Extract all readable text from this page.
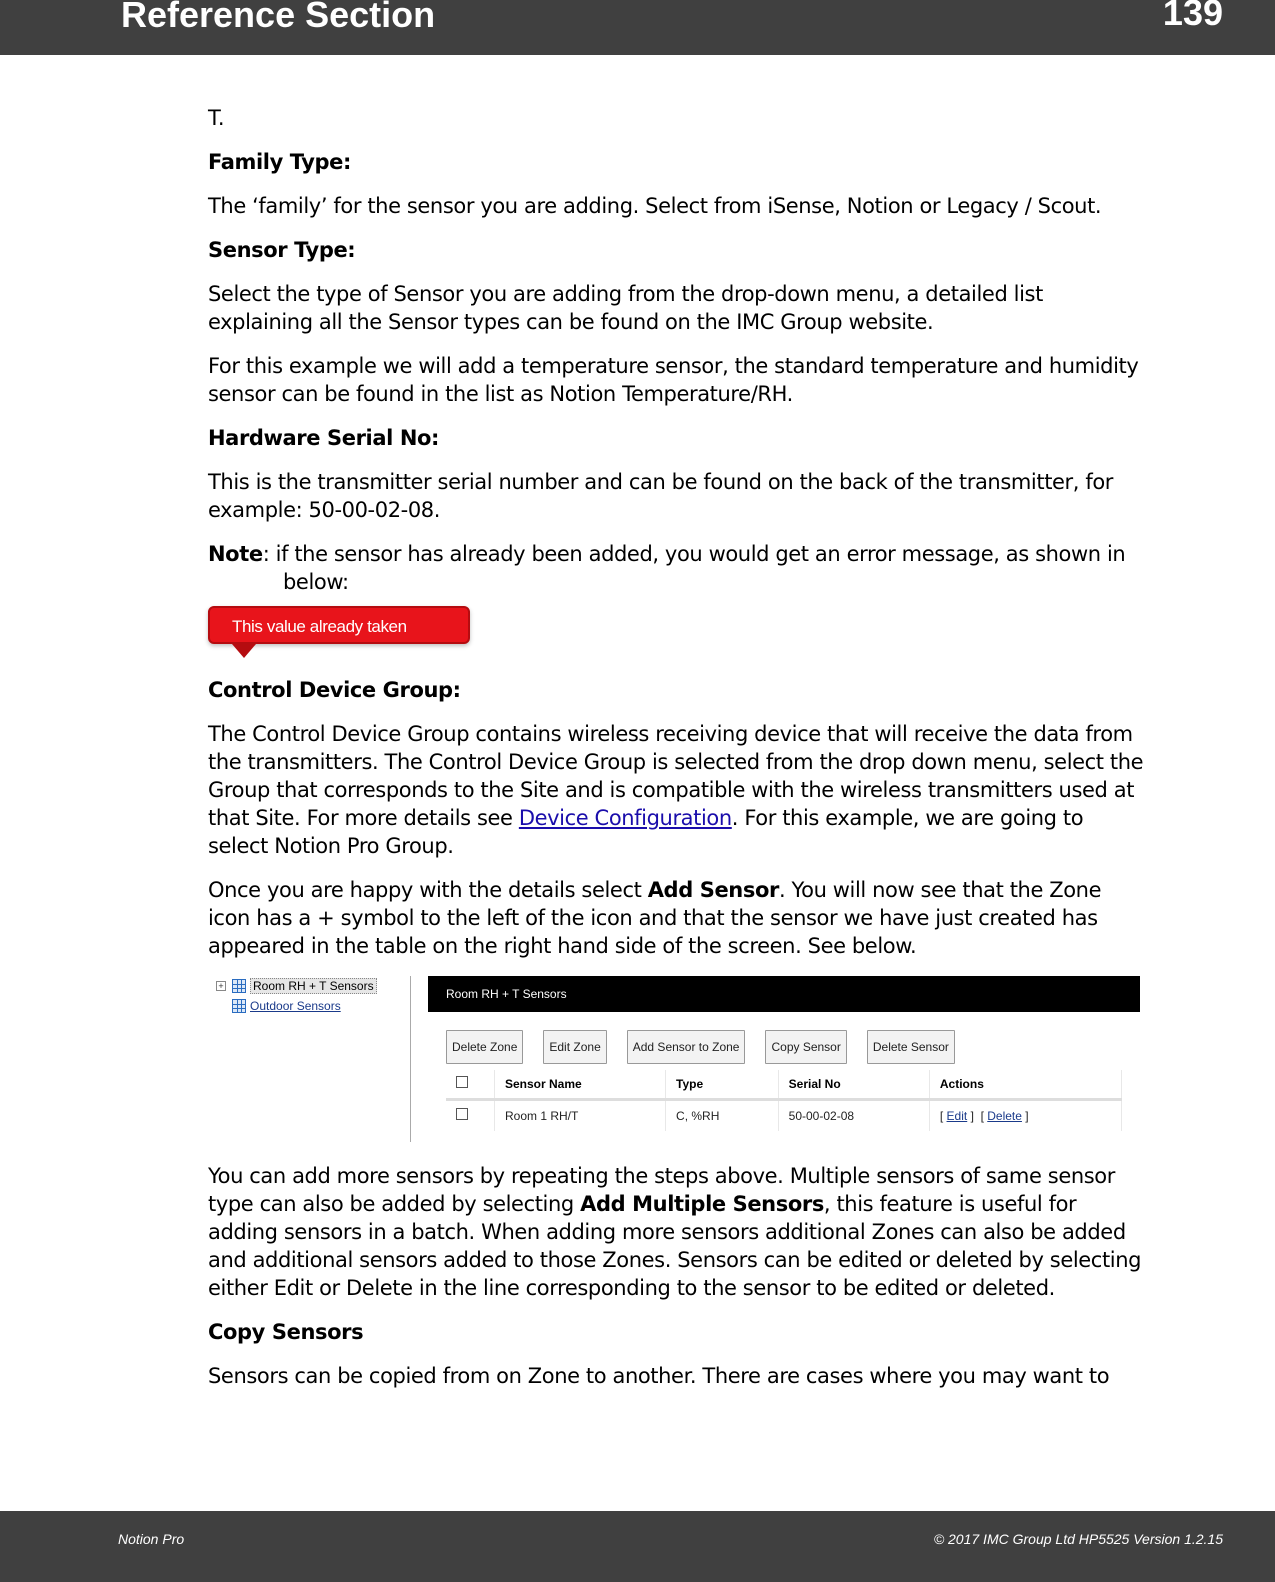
Reference Section	139

T.

Family Type:

The ‘family’ for the sensor you are adding. Select from iSense, Notion or Legacy / Scout.

Sensor Type:

Select the type of Sensor you are adding from the drop-down menu, a detailed list explaining all the Sensor types can be found on the IMC Group website.

For this example we will add a temperature sensor, the standard temperature and humidity sensor can be found in the list as Notion Temperature/RH.

Hardware Serial No:

This is the transmitter serial number and can be found on the back of the transmitter, for example: 50-00-02-08.

Note: if the sensor has already been added, you would get an error message, as shown in below:

This value already taken

Control Device Group:

The Control Device Group contains wireless receiving device that will receive the data from the transmitters. The Control Device Group is selected from the drop down menu, select the Group that corresponds to the Site and is compatible with the wireless transmitters used at that Site. For more details see Device Configuration. For this example, we are going to select Notion Pro Group.

Once you are happy with the details select Add Sensor. You will now see that the Zone icon has a + symbol to the left of the icon and that the sensor we have just created has appeared in the table on the right hand side of the screen. See below.

+ Room RH + T Sensors
Outdoor Sensors
Room RH + T Sensors
Delete Zone	Edit Zone	Add Sensor to Zone	Copy Sensor	Delete Sensor
	Sensor Name	Type	Serial No	Actions
	Room 1 RH/T	C, %RH	50-00-02-08	[ Edit ]  [ Delete ]

You can add more sensors by repeating the steps above. Multiple sensors of same sensor type can also be added by selecting Add Multiple Sensors, this feature is useful for adding sensors in a batch. When adding more sensors additional Zones can also be added and additional sensors added to those Zones. Sensors can be edited or deleted by selecting either Edit or Delete in the line corresponding to the sensor to be edited or deleted.

Copy Sensors

Sensors can be copied from on Zone to another. There are cases where you may want to

Notion Pro	© 2017 IMC Group Ltd HP5525 Version 1.2.15
